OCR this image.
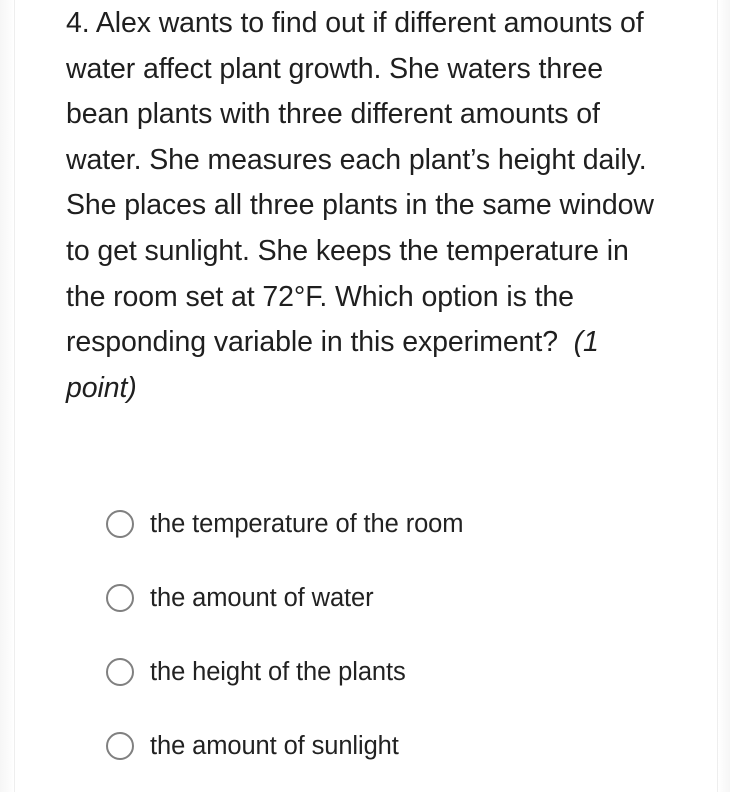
4. Alex wants to find out if different amounts of water affect plant growth. She waters three bean plants with three different amounts of water. She measures each plant’s height daily. She places all three plants in the same window to get sunlight. She keeps the temperature in the room set at 72°F. Which option is the responding variable in this experiment? (1 point)
the temperature of the room
the amount of water
the height of the plants
the amount of sunlight
